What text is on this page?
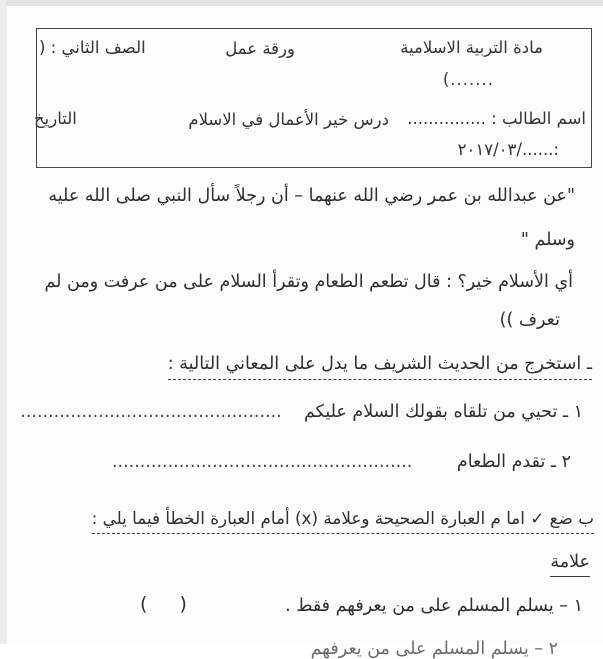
مادة التربية الاسلامية
ورقة عمل
الصف الثاني : (
(.......
اسم الطالب : ...............
درس خير الأعمال في الاسلام
التاريخ
٢٠١٧/٠٣/......:
"عن عبدالله بن عمر رضي الله عنهما – أن رجلاً سأل النبي صلى الله عليه
وسلم "
أي الأسلام خير؟ : قال تطعم الطعام وتقرأ السلام على من عرفت ومن لم
تعرف ))
ـ استخرج من الحديث الشريف ما يدل على المعاني التالية :
١ ـ تحيي من تلقاه بقولك السلام عليكم    ...............................................
٢ ـ تقدم الطعام        ......................................................
ب ضع ✓ اما م العبارة الصحيحة وعلامة (x) أمام العبارة الخطأ فيما يلي :
علامة
١ – يسلم المسلم على من يعرفهم فقط .
( )
٢ – يسلم المسلم على من يعرفهم
